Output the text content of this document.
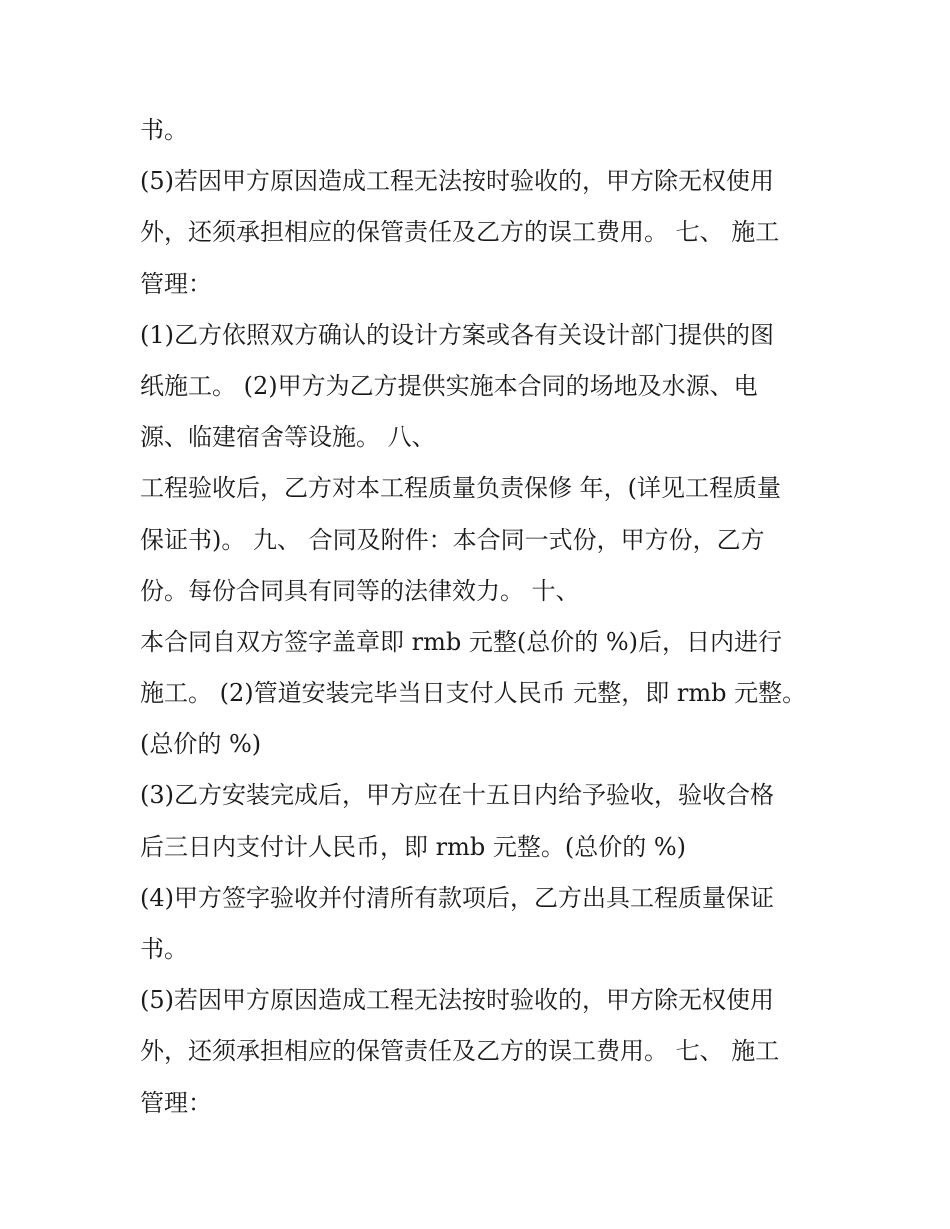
书。
(5)若因甲方原因造成工程无法按时验收的，甲方除无权使用
外，还须承担相应的保管责任及乙方的误工费用。 七、 施工
管理：
(1)乙方依照双方确认的设计方案或各有关设计部门提供的图
纸施工。 (2)甲方为乙方提供实施本合同的场地及水源、电
源、临建宿舍等设施。 八、
工程验收后，乙方对本工程质量负责保修 年，(详见工程质量
保证书)。 九、 合同及附件：本合同一式份，甲方份，乙方
份。每份合同具有同等的法律效力。 十、
本合同自双方签字盖章即 rmb 元整(总价的 %)后，日内进行
施工。 (2)管道安装完毕当日支付人民币 元整，即 rmb 元整。
(总价的 %)
(3)乙方安装完成后，甲方应在十五日内给予验收，验收合格
后三日内支付计人民币，即 rmb 元整。(总价的 %)
(4)甲方签字验收并付清所有款项后，乙方出具工程质量保证
书。
(5)若因甲方原因造成工程无法按时验收的，甲方除无权使用
外，还须承担相应的保管责任及乙方的误工费用。 七、 施工
管理：
